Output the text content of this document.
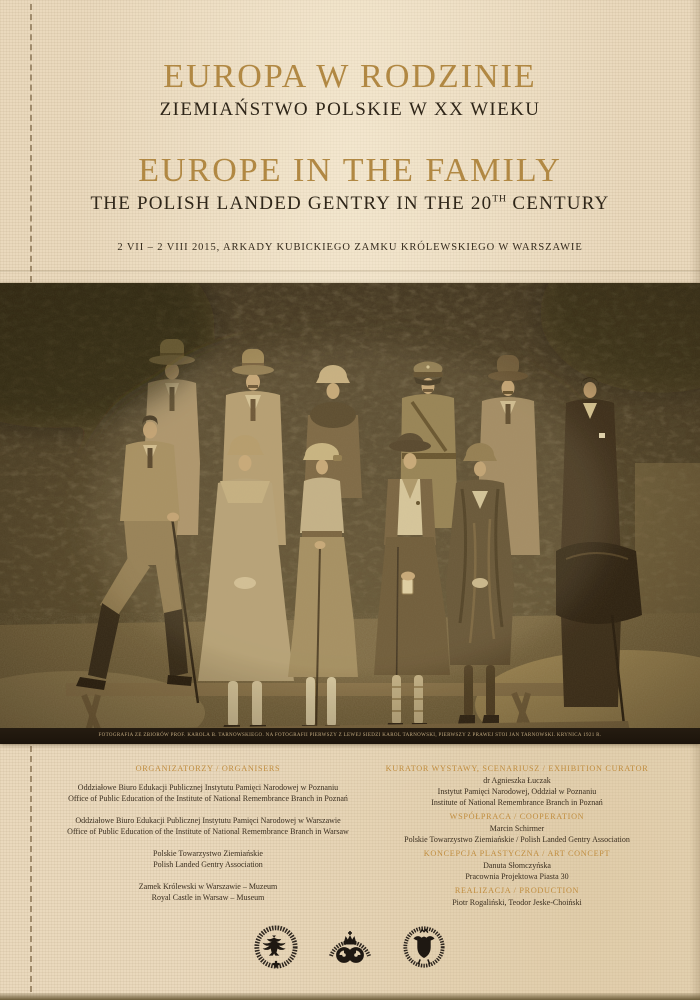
EUROPA W RODZINIE
ZIEMIAŃSTWO POLSKIE W XX WIEKU
EUROPE IN THE FAMILY
THE POLISH LANDED GENTRY IN THE 20TH CENTURY
2 VII – 2 VIII 2015, ARKADY KUBICKIEGO ZAMKU KRÓLEWSKIEGO W WARSZAWIE
FOTOGRAFIA ZE ZBIORÓW PROF. KAROLA B. TARNOWSKIEGO. NA FOTOGRAFII PIERWSZY Z LEWEJ SIEDZI KAROL TARNOWSKI, PIERWSZY Z PRAWEJ STOI JAN TARNOWSKI. KRYNICA 1921 R.
ORGANIZATORZY / ORGANISERS
Oddziałowe Biuro Edukacji Publicznej Instytutu Pamięci Narodowej w Poznaniu
Office of Public Education of the Institute of National Remembrance Branch in Poznań
Oddziałowe Biuro Edukacji Publicznej Instytutu Pamięci Narodowej w Warszawie
Office of Public Education of the Institute of National Remembrance Branch in Warsaw
Polskie Towarzystwo Ziemiańskie
Polish Landed Gentry Association
Zamek Królewski w Warszawie – Muzeum
Royal Castle in Warsaw – Museum
KURATOR WYSTAWY, SCENARIUSZ / EXHIBITION CURATOR
dr Agnieszka Łuczak
Instytut Pamięci Narodowej, Oddział w Poznaniu
Institute of National Remembrance Branch in Poznań
WSPÓŁPRACA / COOPERATION
Marcin Schirmer
Polskie Towarzystwo Ziemiańskie / Polish Landed Gentry Association
KONCEPCJA PLASTYCZNA / ART CONCEPT
Danuta Słomczyńska
Pracownia Projektowa Piasta 30
REALIZACJA / PRODUCTION
Piotr Rogaliński, Teodor Jeske-Choiński
